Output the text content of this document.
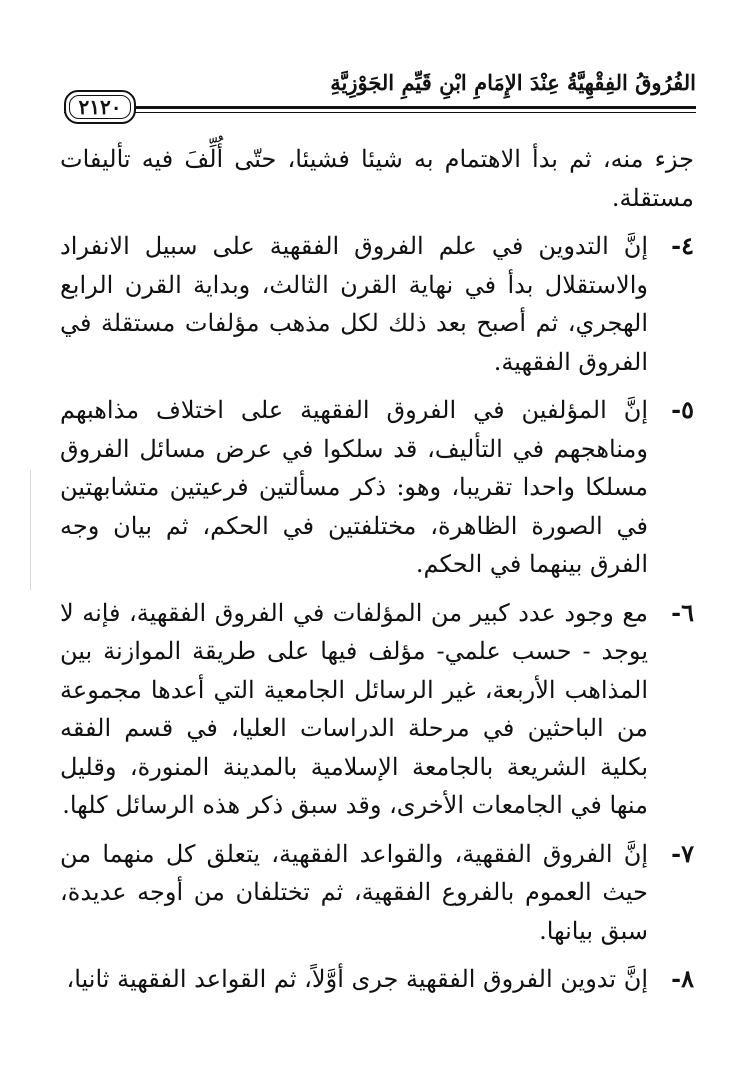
الفُرُوقُ الفِقْهِيَّةُ عِنْدَ الإِمَامِ ابْنِ قَيِّمِ الجَوْزِيَّةِ
٢١٢٠

جزء منه، ثم بدأ الاهتمام به شيئا فشيئا، حتّى أُلِّفَ فيه تأليفات مستقلة.

٤-
إنَّ التدوين في علم الفروق الفقهية على سبيل الانفراد والاستقلال بدأ في نهاية القرن الثالث، وبداية القرن الرابع الهجري، ثم أصبح بعد ذلك لكل مذهب مؤلفات مستقلة في الفروق الفقهية.
٥-
إنَّ المؤلفين في الفروق الفقهية على اختلاف مذاهبهم ومناهجهم في التأليف، قد سلكوا في عرض مسائل الفروق مسلكا واحدا تقريبا، وهو: ذكر مسألتين فرعيتين متشابهتين في الصورة الظاهرة، مختلفتين في الحكم، ثم بيان وجه الفرق بينهما في الحكم.
٦-
مع وجود عدد كبير من المؤلفات في الفروق الفقهية، فإنه لا يوجد - حسب علمي- مؤلف فيها على طريقة الموازنة بين المذاهب الأربعة، غير الرسائل الجامعية التي أعدها مجموعة من الباحثين في مرحلة الدراسات العليا، في قسم الفقه بكلية الشريعة بالجامعة الإسلامية بالمدينة المنورة، وقليل منها في الجامعات الأخرى، وقد سبق ذكر هذه الرسائل كلها.
٧-
إنَّ الفروق الفقهية، والقواعد الفقهية، يتعلق كل منهما من حيث العموم بالفروع الفقهية، ثم تختلفان من أوجه عديدة، سبق بيانها.
٨-
إنَّ تدوين الفروق الفقهية جرى أوَّلاً، ثم القواعد الفقهية ثانيا،
